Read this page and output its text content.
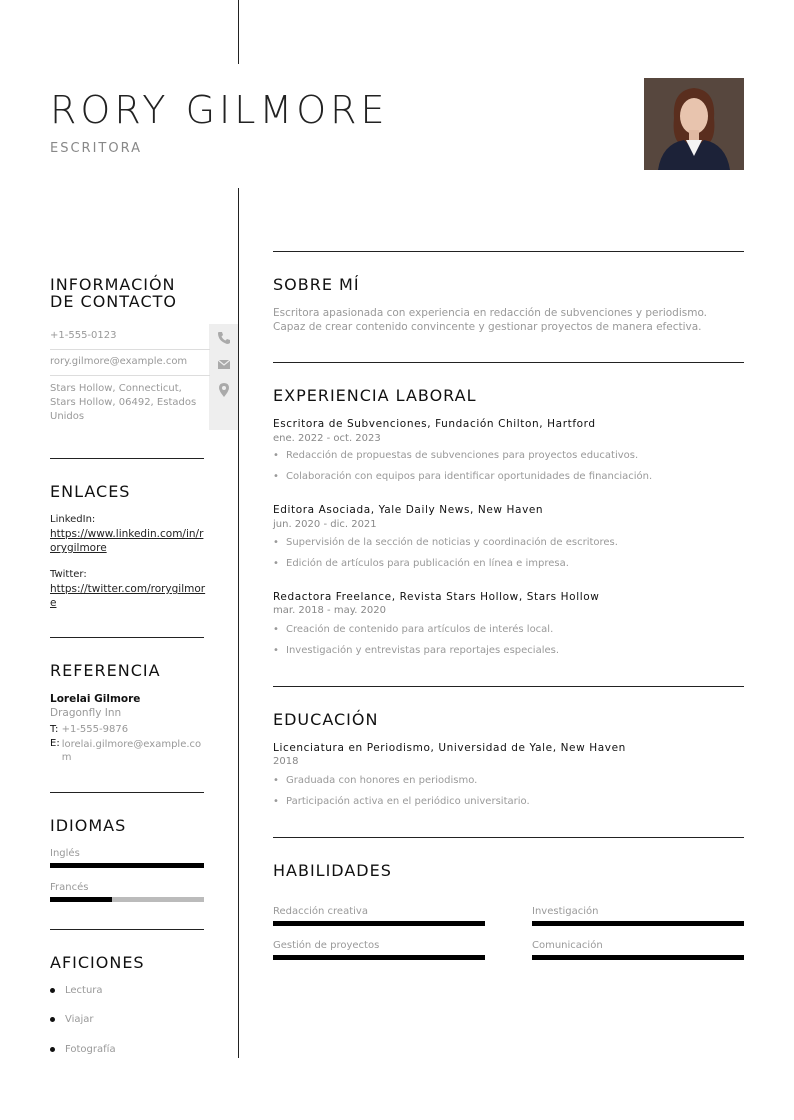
RORY GILMORE
ESCRITORA
INFORMACIÓN
DE CONTACTO
+1-555-0123
rory.gilmore@example.com
Stars Hollow, Connecticut, Stars Hollow, 06492, Estados Unidos
ENLACES
LinkedIn:
https://www.linkedin.com/in/rorygilmore
Twitter:
https://twitter.com/rorygilmore
REFERENCIA
Lorelai Gilmore
Dragonfly Inn
T: +1-555-9876
E: lorelai.gilmore@example.com
IDIOMAS
Inglés
Francés
AFICIONES
Lectura
Viajar
Fotografía
SOBRE MÍ
Escritora apasionada con experiencia en redacción de subvenciones y periodismo.
Capaz de crear contenido convincente y gestionar proyectos de manera efectiva.
EXPERIENCIA LABORAL
Escritora de Subvenciones, Fundación Chilton, Hartford
ene. 2022 - oct. 2023
• Redacción de propuestas de subvenciones para proyectos educativos.
• Colaboración con equipos para identificar oportunidades de financiación.
Editora Asociada, Yale Daily News, New Haven
jun. 2020 - dic. 2021
• Supervisión de la sección de noticias y coordinación de escritores.
• Edición de artículos para publicación en línea e impresa.
Redactora Freelance, Revista Stars Hollow, Stars Hollow
mar. 2018 - may. 2020
• Creación de contenido para artículos de interés local.
• Investigación y entrevistas para reportajes especiales.
EDUCACIÓN
Licenciatura en Periodismo, Universidad de Yale, New Haven
2018
• Graduada con honores en periodismo.
• Participación activa en el periódico universitario.
HABILIDADES
Redacción creativa	Investigación
Gestión de proyectos	Comunicación
